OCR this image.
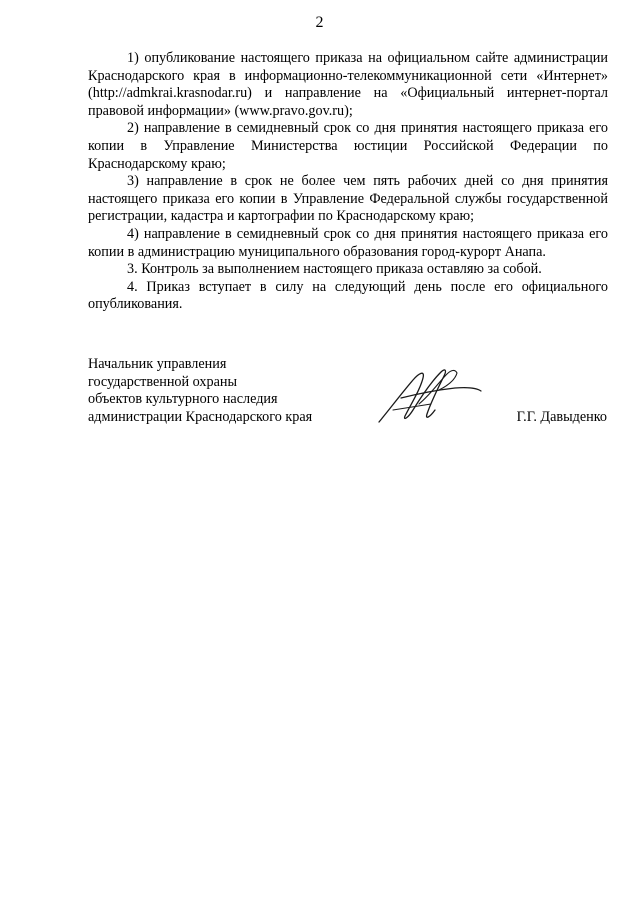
2

1) опубликование настоящего приказа на официальном сайте администрации Краснодарского края в информационно-телекоммуникационной сети «Интернет» (http://admkrai.krasnodar.ru) и направление на «Официальный интернет-портал правовой информации» (www.pravo.gov.ru);

2) направление в семидневный срок со дня принятия настоящего приказа его копии в Управление Министерства юстиции Российской Федерации по Краснодарскому краю;

3) направление в срок не более чем пять рабочих дней со дня принятия настоящего приказа его копии в Управление Федеральной службы государственной регистрации, кадастра и картографии по Краснодарскому краю;

4) направление в семидневный срок со дня принятия настоящего приказа его копии в администрацию муниципального образования город-курорт Анапа.

3. Контроль за выполнением настоящего приказа оставляю за собой.

4. Приказ вступает в силу на следующий день после его официального опубликования.

Начальник управления
государственной охраны
объектов культурного наследия
администрации Краснодарского края	Г.Г. Давыденко
